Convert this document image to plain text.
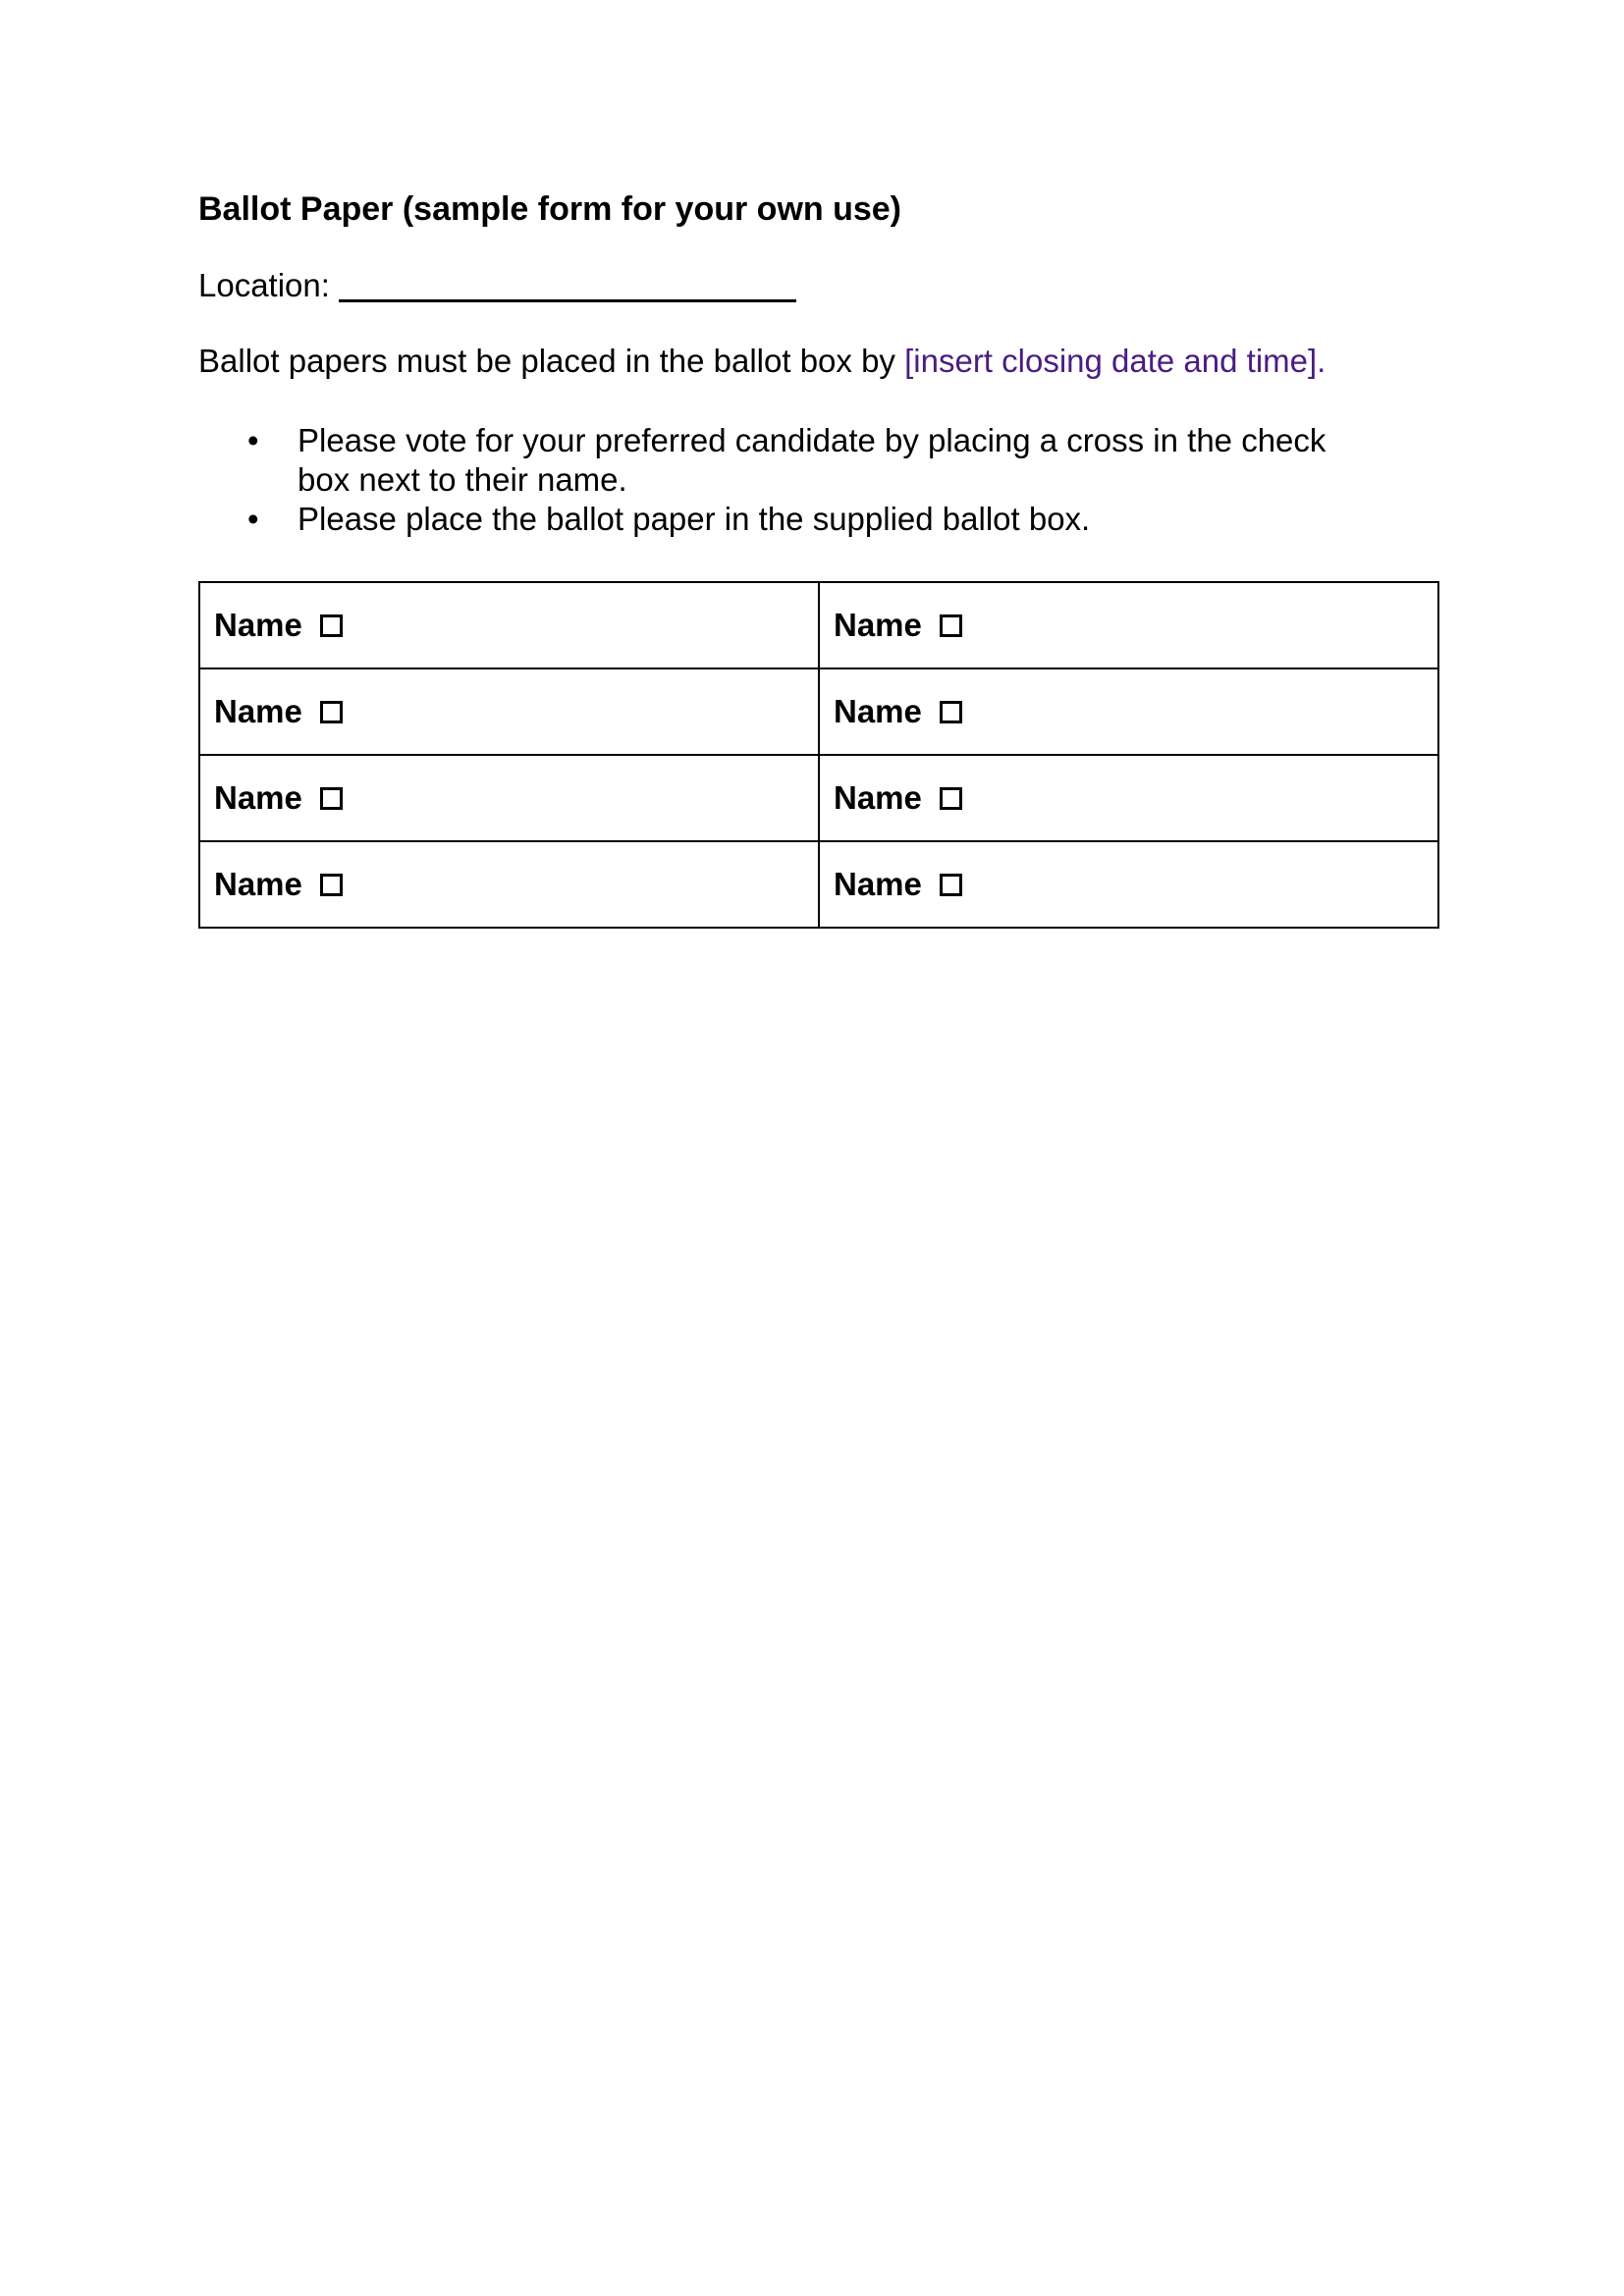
Ballot Paper (sample form for your own use)
Location:
Ballot papers must be placed in the ballot box by [insert closing date and time].
• Please vote for your preferred candidate by placing a cross in the check box next to their name.
• Please place the ballot paper in the supplied ballot box.
Name	Name
Name	Name
Name	Name
Name	Name
